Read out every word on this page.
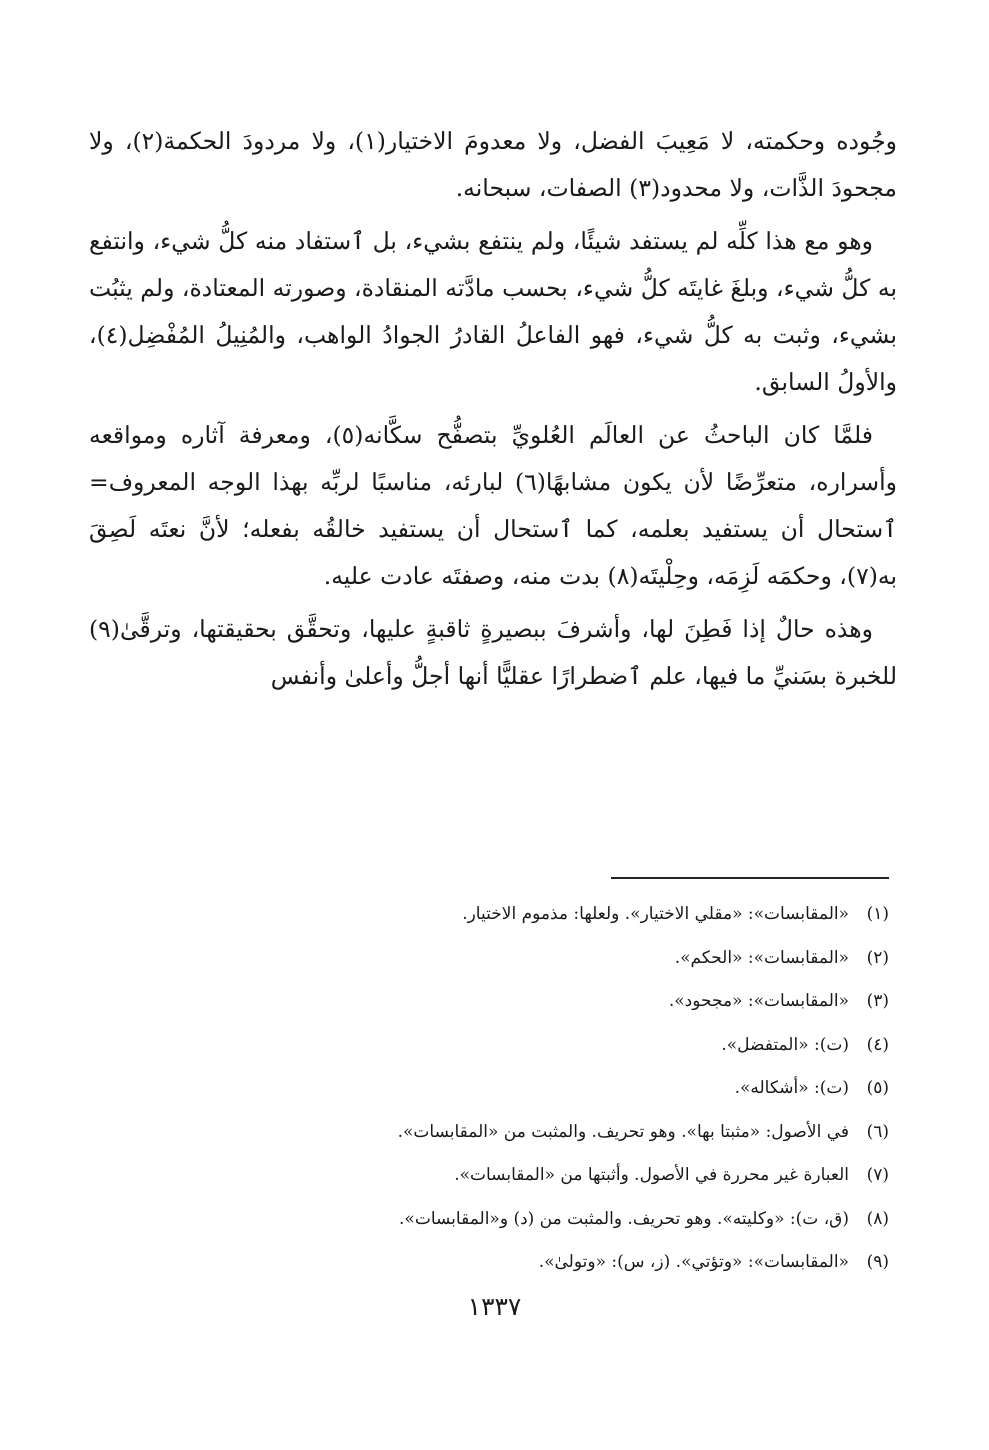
وجُوده وحكمته، لا مَعِيبَ الفضل، ولا معدومَ الاختيار(١)، ولا مردودَ الحكمة(٢)، ولا مجحودَ الذَّات، ولا محدود(٣) الصفات، سبحانه.

وهو مع هذا كلِّه لم يستفد شيئًا، ولم ينتفع بشيء، بل ٱستفاد منه كلُّ شيء، وانتفع به كلُّ شيء، وبلغَ غايتَه كلُّ شيء، بحسب مادَّته المنقادة، وصورته المعتادة، ولم يثبُت بشيء، وثبت به كلُّ شيء، فهو الفاعلُ القادرُ الجوادُ الواهب، والمُنِيلُ المُفْضِل(٤)، والأولُ السابق.

فلمَّا كان الباحثُ عن العالَم العُلويِّ بتصفُّح سكَّانه(٥)، ومعرفة آثاره ومواقعه وأسراره، متعرِّضًا لأن يكون مشابهًا(٦) لبارئه، مناسبًا لربِّه بهذا الوجه المعروف= ٱستحال أن يستفيد بعلمه، كما ٱستحال أن يستفيد خالقُه بفعله؛ لأنَّ نعتَه لَصِقَ به(٧)، وحكمَه لَزِمَه، وحِلْيتَه(٨) بدت منه، وصفتَه عادت عليه.

وهذه حالٌ إذا فَطِنَ لها، وأشرفَ ببصيرةٍ ثاقبةٍ عليها، وتحقَّق بحقيقتها، وترقَّىٰ(٩) للخبرة بسَنيِّ ما فيها، علم ٱضطرارًا عقليًّا أنها أجلُّ وأعلىٰ وأنفس

(١)
«المقابسات»: «مقلي الاختيار». ولعلها: مذموم الاختيار.
(٢)
«المقابسات»: «الحكم».
(٣)
«المقابسات»: «مجحود».
(٤)
(ت): «المتفضل».
(٥)
(ت): «أشكاله».
(٦)
في الأصول: «مثبتا بها». وهو تحريف. والمثبت من «المقابسات».
(٧)
العبارة غير محررة في الأصول. وأثبتها من «المقابسات».
(٨)
(ق، ت): «وكليته». وهو تحريف. والمثبت من (د) و«المقابسات».
(٩)
«المقابسات»: «وتؤتي». (ز، س): «وتولىٰ».
١٣٣٧
